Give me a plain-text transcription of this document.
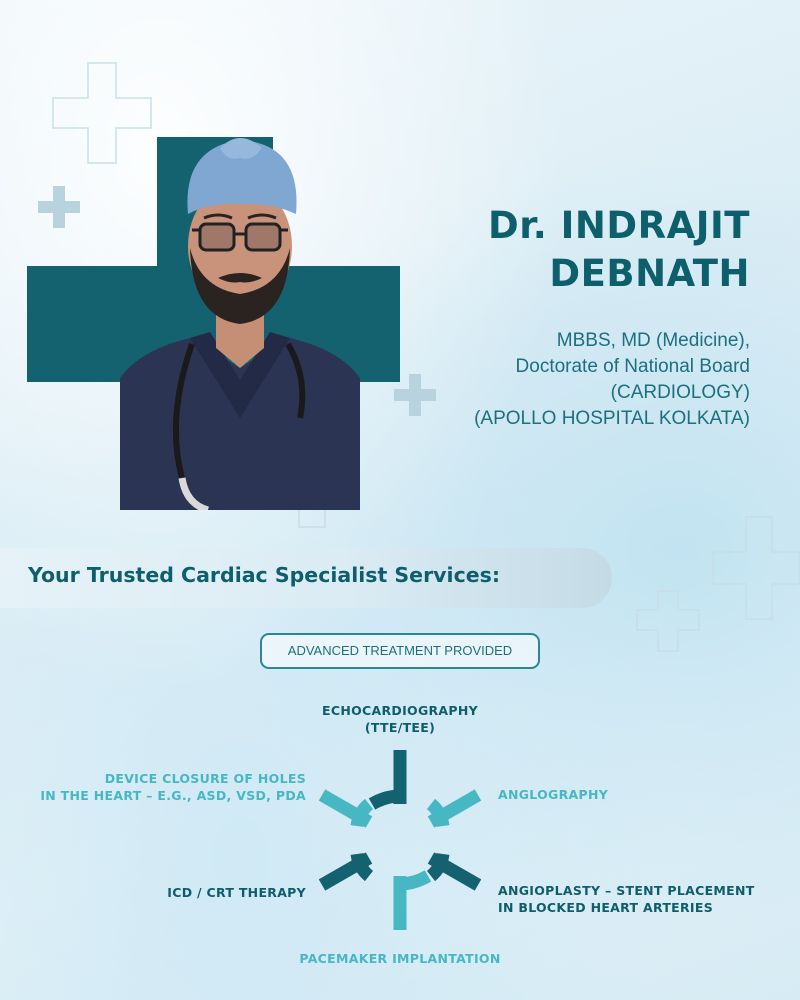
Dr. INDRAJIT
DEBNATH
MBBS, MD (Medicine),
Doctorate of National Board
(CARDIOLOGY)
(APOLLO HOSPITAL KOLKATA)
Your Trusted Cardiac Specialist Services:
ADVANCED TREATMENT PROVIDED
ECHOCARDIOGRAPHY
(TTE/TEE)
ANGLOGRAPHY
ANGIOPLASTY – STENT PLACEMENT
IN BLOCKED HEART ARTERIES
PACEMAKER IMPLANTATION
ICD / CRT THERAPY
DEVICE CLOSURE OF HOLES
IN THE HEART – E.G., ASD, VSD, PDA
